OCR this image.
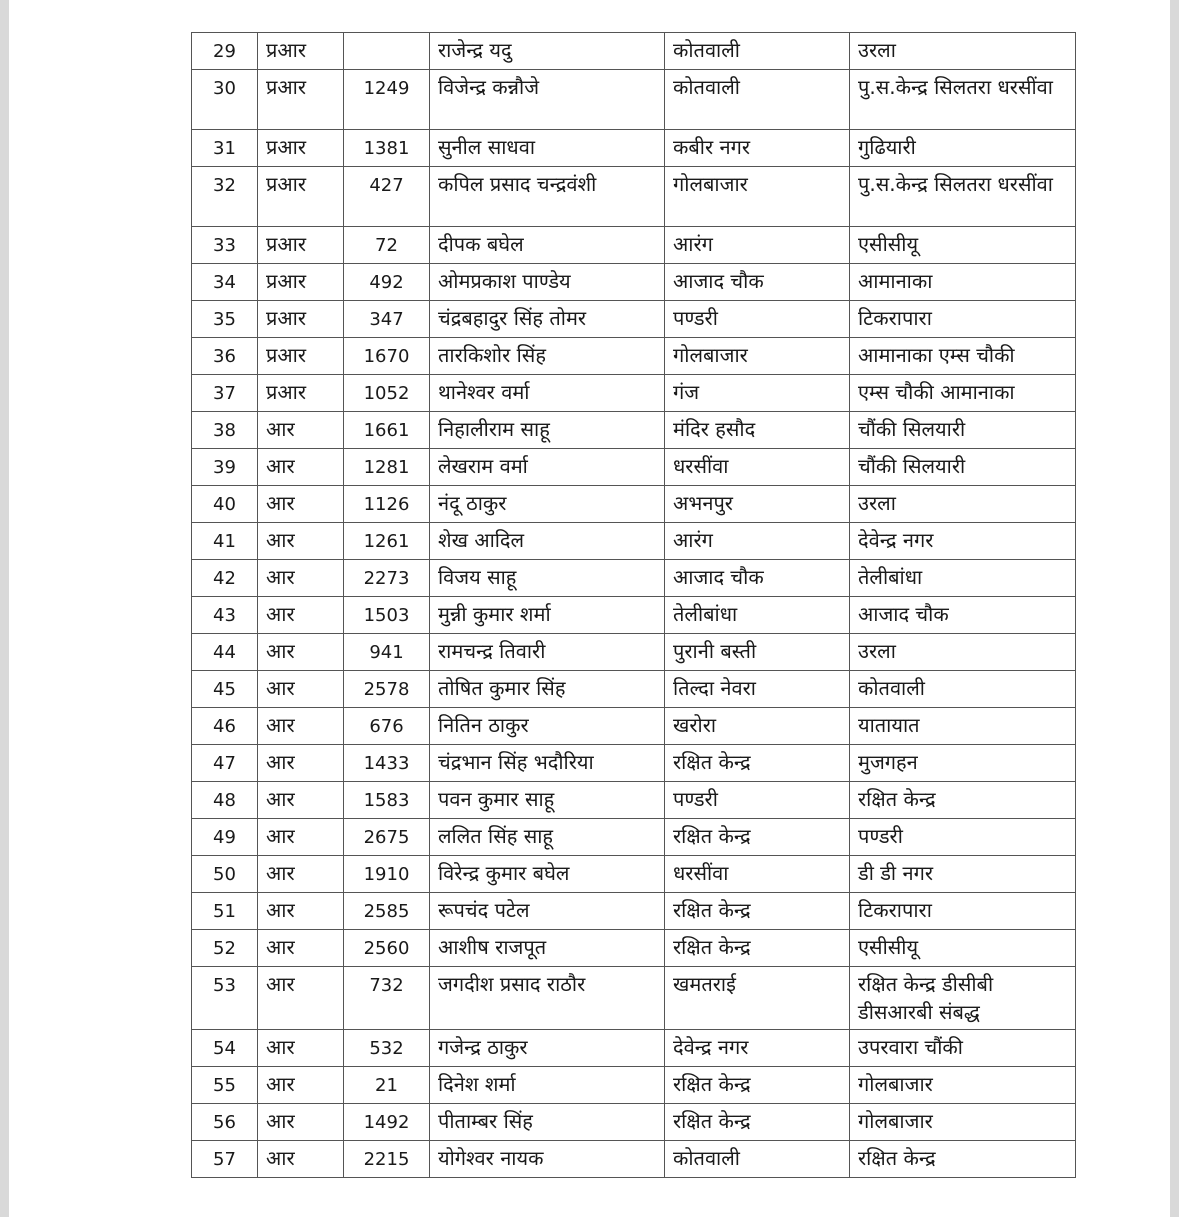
29	प्रआर		राजेन्द्र यदु	कोतवाली	उरला
30	प्रआर	1249	विजेन्द्र कन्नौजे	कोतवाली	पु.स.केन्द्र सिलतरा धरसींवा
31	प्रआर	1381	सुनील साधवा	कबीर नगर	गुढियारी
32	प्रआर	427	कपिल प्रसाद चन्द्रवंशी	गोलबाजार	पु.स.केन्द्र सिलतरा धरसींवा
33	प्रआर	72	दीपक बघेल	आरंग	एसीसीयू
34	प्रआर	492	ओमप्रकाश पाण्डेय	आजाद चौक	आमानाका
35	प्रआर	347	चंद्रबहादुर सिंह तोमर	पण्डरी	टिकरापारा
36	प्रआर	1670	तारकिशोर सिंह	गोलबाजार	आमानाका एम्स चौकी
37	प्रआर	1052	थानेश्वर वर्मा	गंज	एम्स चौकी आमानाका
38	आर	1661	निहालीराम साहू	मंदिर हसौद	चौंकी सिलयारी
39	आर	1281	लेखराम वर्मा	धरसींवा	चौंकी सिलयारी
40	आर	1126	नंदू ठाकुर	अभनपुर	उरला
41	आर	1261	शेख आदिल	आरंग	देवेन्द्र नगर
42	आर	2273	विजय साहू	आजाद चौक	तेलीबांधा
43	आर	1503	मुन्नी कुमार शर्मा	तेलीबांधा	आजाद चौक
44	आर	941	रामचन्द्र तिवारी	पुरानी बस्ती	उरला
45	आर	2578	तोषित कुमार सिंह	तिल्दा नेवरा	कोतवाली
46	आर	676	नितिन ठाकुर	खरोरा	यातायात
47	आर	1433	चंद्रभान सिंह भदौरिया	रक्षित केन्द्र	मुजगहन
48	आर	1583	पवन कुमार साहू	पण्डरी	रक्षित केन्द्र
49	आर	2675	ललित सिंह साहू	रक्षित केन्द्र	पण्डरी
50	आर	1910	विरेन्द्र कुमार बघेल	धरसींवा	डी डी नगर
51	आर	2585	रूपचंद पटेल	रक्षित केन्द्र	टिकरापारा
52	आर	2560	आशीष राजपूत	रक्षित केन्द्र	एसीसीयू
53	आर	732	जगदीश प्रसाद राठौर	खमतराई	रक्षित केन्द्र डीसीबी डीसआरबी संबद्ध
54	आर	532	गजेन्द्र ठाकुर	देवेन्द्र नगर	उपरवारा चौंकी
55	आर	21	दिनेश शर्मा	रक्षित केन्द्र	गोलबाजार
56	आर	1492	पीताम्बर सिंह	रक्षित केन्द्र	गोलबाजार
57	आर	2215	योगेश्वर नायक	कोतवाली	रक्षित केन्द्र
